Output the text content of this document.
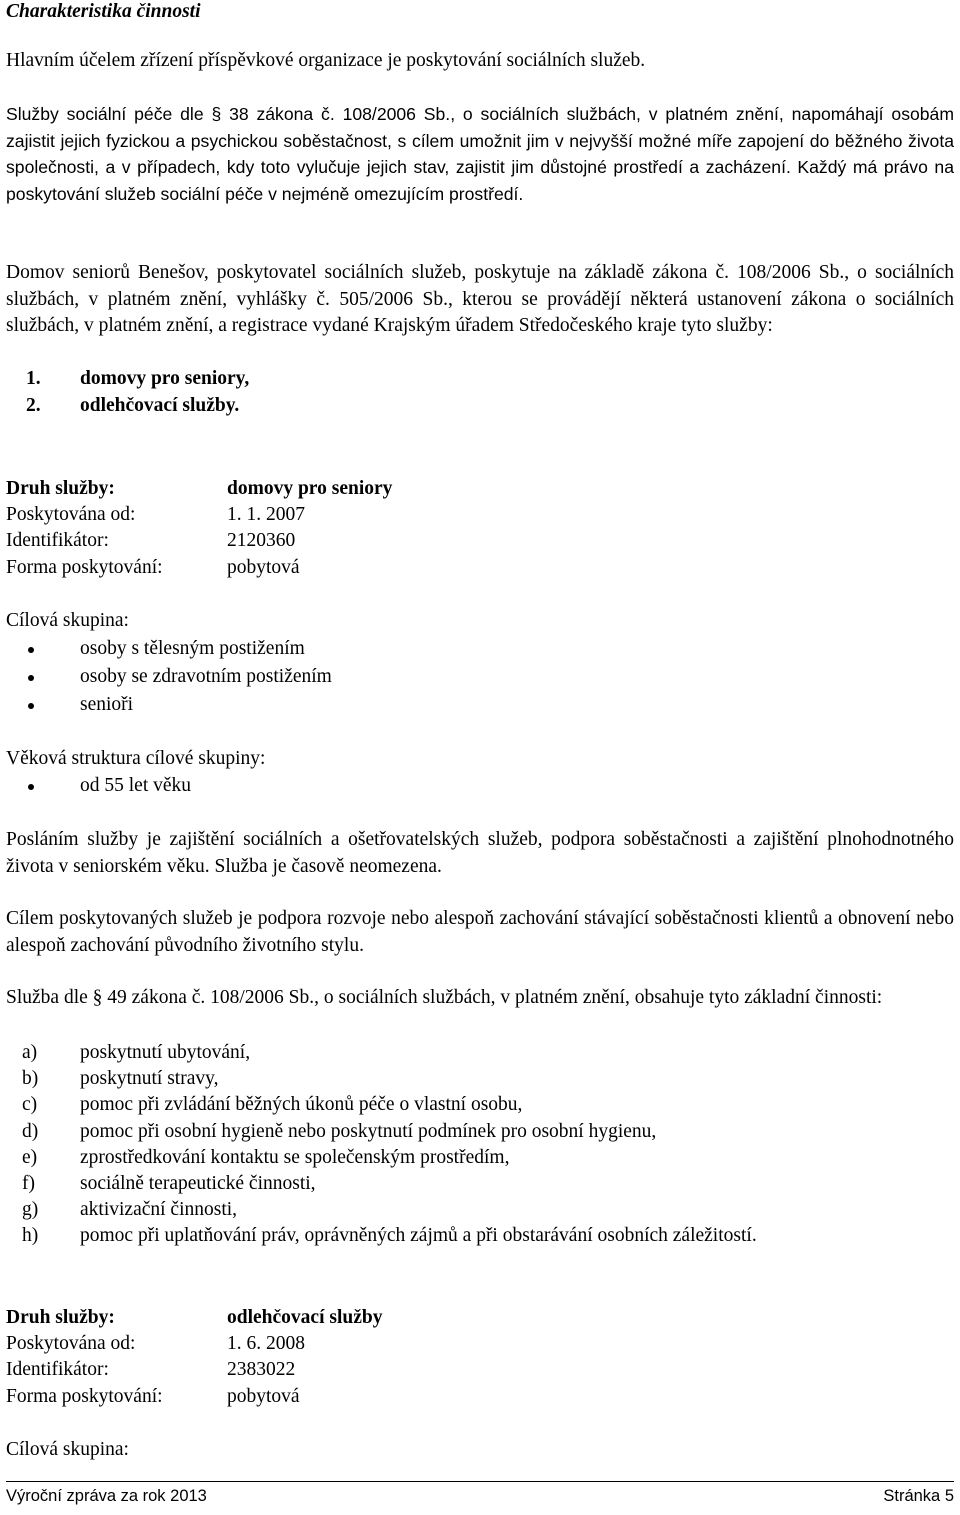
Charakteristika činnosti
Hlavním účelem zřízení příspěvkové organizace je poskytování sociálních služeb.
Služby sociální péče dle § 38 zákona č. 108/2006 Sb., o sociálních službách, v platném znění, napomáhají osobám zajistit jejich fyzickou a psychickou soběstačnost, s cílem umožnit jim v nejvyšší možné míře zapojení do běžného života společnosti, a v případech, kdy toto vylučuje jejich stav, zajistit jim důstojné prostředí a zacházení. Každý má právo na poskytování služeb sociální péče v nejméně omezujícím prostředí.
Domov seniorů Benešov, poskytovatel sociálních služeb, poskytuje na základě zákona č. 108/2006 Sb., o sociálních službách, v platném znění, vyhlášky č. 505/2006 Sb., kterou se provádějí některá ustanovení zákona o sociálních službách, v platném znění, a registrace vydané Krajským úřadem Středočeského kraje tyto služby:
1. domovy pro seniory,
2. odlehčovací služby.
Druh služby:	domovy pro seniory
Poskytována od:	1. 1. 2007
Identifikátor:	2120360
Forma poskytování:	pobytová
Cílová skupina:
osoby s tělesným postižením
osoby se zdravotním postižením
senioři
Věková struktura cílové skupiny:
od 55 let věku
Posláním služby je zajištění sociálních a ošetřovatelských služeb, podpora soběstačnosti a zajištění plnohodnotného života v seniorském věku. Služba je časově neomezena.
Cílem poskytovaných služeb je podpora rozvoje nebo alespoň zachování stávající soběstačnosti klientů a obnovení nebo alespoň zachování původního životního stylu.
Služba dle § 49 zákona č. 108/2006 Sb., o sociálních službách, v platném znění, obsahuje tyto základní činnosti:
a) poskytnutí ubytování,
b) poskytnutí stravy,
c) pomoc při zvládání běžných úkonů péče o vlastní osobu,
d) pomoc při osobní hygieně nebo poskytnutí podmínek pro osobní hygienu,
e) zprostředkování kontaktu se společenským prostředím,
f) sociálně terapeutické činnosti,
g) aktivizační činnosti,
h) pomoc při uplatňování práv, oprávněných zájmů a při obstarávání osobních záležitostí.
Druh služby:	odlehčovací služby
Poskytována od:	1. 6. 2008
Identifikátor:	2383022
Forma poskytování:	pobytová
Cílová skupina:
Výroční zpráva za rok 2013	Stránka 5
